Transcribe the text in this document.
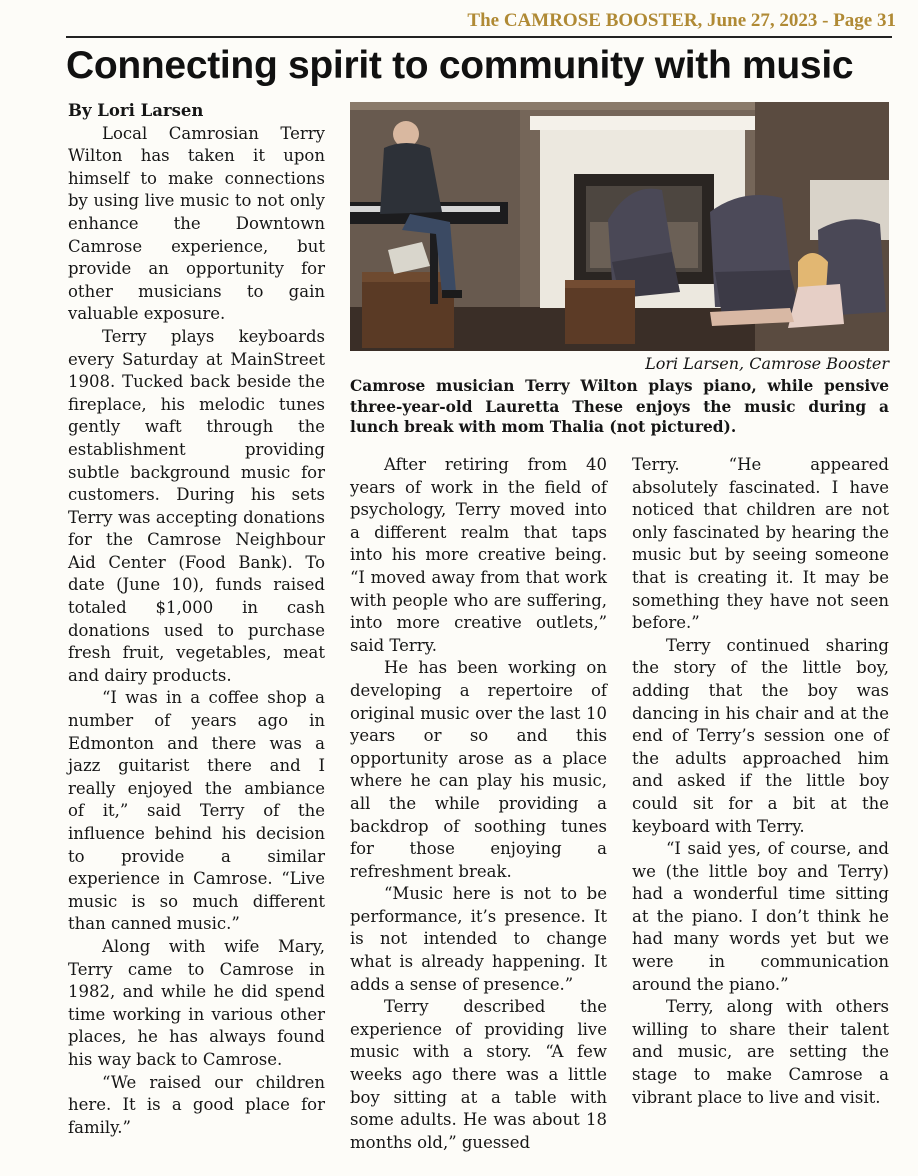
The CAMROSE BOOSTER, June 27, 2023 - Page 31
Connecting spirit to community with music

By Lori Larsen

Local Camrosian Terry Wilton has taken it upon himself to make connections by using live music to not only enhance the Downtown Camrose experience, but provide an opportunity for other musicians to gain valuable exposure.

Terry plays keyboards every Saturday at MainStreet 1908. Tucked back beside the fireplace, his melodic tunes gently waft through the establishment providing subtle background music for customers. During his sets Terry was accepting donations for the Camrose Neighbour Aid Center (Food Bank). To date (June 10), funds raised totaled $1,000 in cash donations used to purchase fresh fruit, vegetables, meat and dairy products.

“I was in a coffee shop a number of years ago in Edmonton and there was a jazz guitarist there and I really enjoyed the ambiance of it,” said Terry of the influence behind his decision to provide a similar experience in Camrose. “Live music is so much different than canned music.”

Along with wife Mary, Terry came to Camrose in 1982, and while he did spend time working in various other places, he has always found his way back to Camrose.

“We raised our children here. It is a good place for family.”

Lori Larsen, Camrose Booster
Camrose musician Terry Wilton plays piano, while pensive three-year-old Lauretta These enjoys the music during a lunch break with mom Thalia (not pictured).

After retiring from 40 years of work in the field of psychology, Terry moved into a different realm that taps into his more creative being. “I moved away from that work with people who are suffering, into more creative outlets,” said Terry.

He has been working on developing a repertoire of original music over the last 10 years or so and this opportunity arose as a place where he can play his music, all the while providing a backdrop of soothing tunes for those enjoying a refreshment break.

“Music here is not to be performance, it’s presence. It is not intended to change what is already happening. It adds a sense of presence.”

Terry described the experience of providing live music with a story. “A few weeks ago there was a little boy sitting at a table with some adults. He was about 18 months old,” guessed

Terry. “He appeared absolutely fascinated. I have noticed that children are not only fascinated by hearing the music but by seeing someone that is creating it. It may be something they have not seen before.”

Terry continued sharing the story of the little boy, adding that the boy was dancing in his chair and at the end of Terry’s session one of the adults approached him and asked if the little boy could sit for a bit at the keyboard with Terry.

“I said yes, of course, and we (the little boy and Terry) had a wonderful time sitting at the piano. I don’t think he had many words yet but we were in communication around the piano.”

Terry, along with others willing to share their talent and music, are setting the stage to make Camrose a vibrant place to live and visit.
